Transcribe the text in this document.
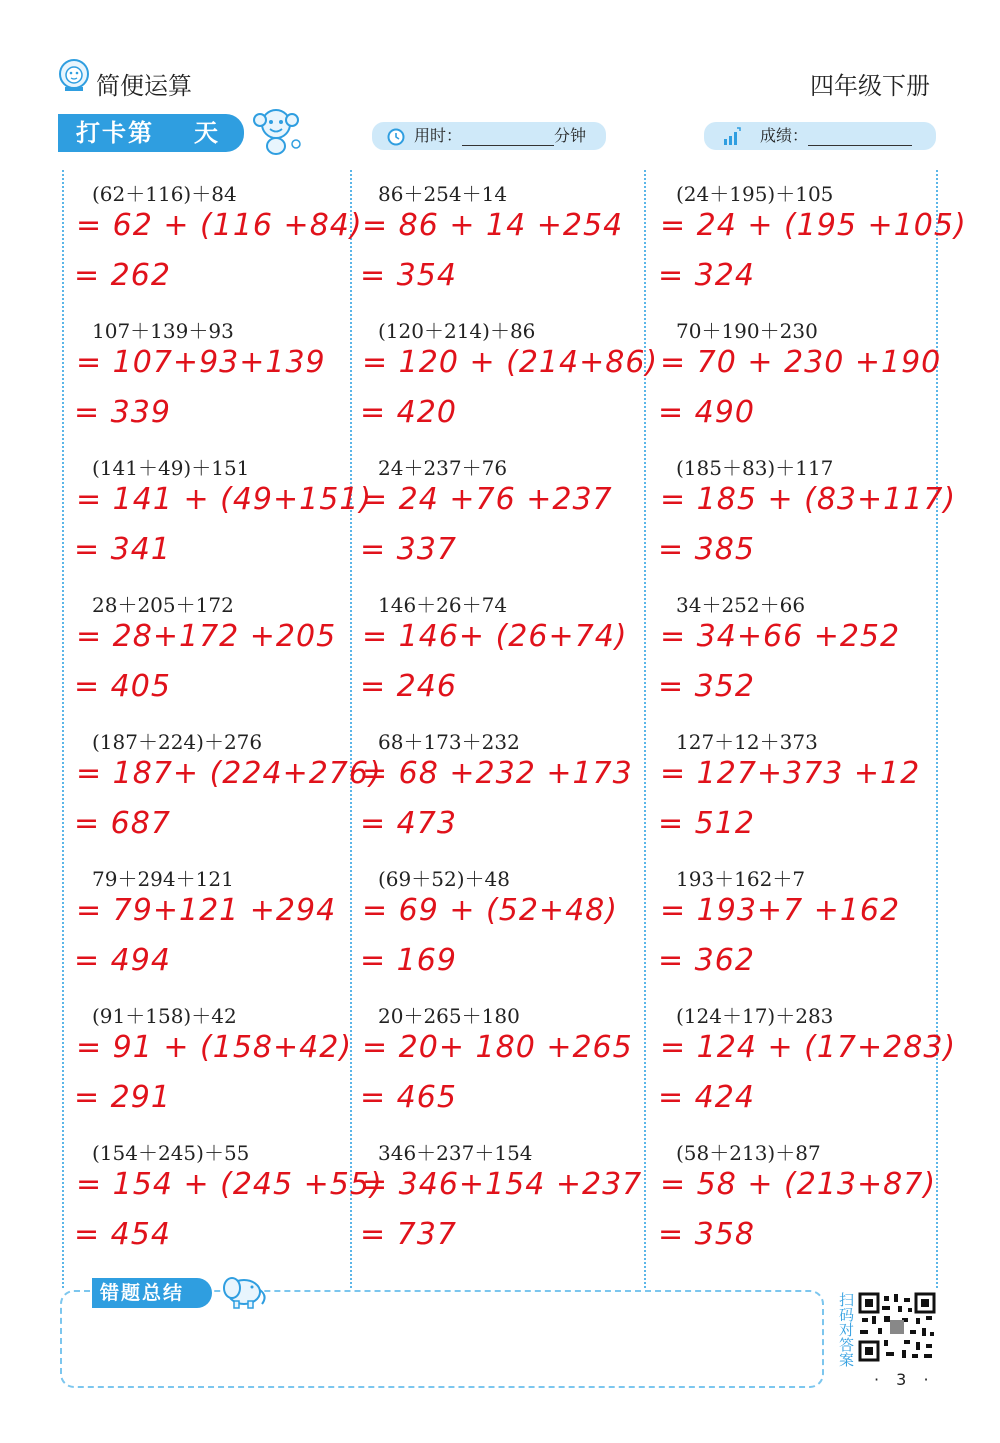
简便运算	四年级下册
打卡第 天	用时：	分钟	成绩：
(62＋116)＋84
= 62 + (116 +84)
= 262
107＋139＋93
= 107+93+139
= 339
(141＋49)＋151
= 141 + (49+151)
= 341
28＋205＋172
= 28+172 +205
= 405
(187＋224)＋276
= 187+ (224+276)
= 687
79＋294＋121
= 79+121 +294
= 494
(91＋158)＋42
= 91 + (158+42)
= 291
(154＋245)＋55
= 154 + (245 +55)
= 454
86＋254＋14
= 86 + 14 +254
= 354
(120＋214)＋86
= 120 + (214+86)
= 420
24＋237＋76
= 24 +76 +237
= 337
146＋26＋74
= 146+ (26+74)
= 246
68＋173＋232
= 68 +232 +173
= 473
(69＋52)＋48
= 69 + (52+48)
= 169
20＋265＋180
= 20+ 180 +265
= 465
346＋237＋154
= 346+154 +237
= 737
(24＋195)＋105
= 24 + (195 +105)
= 324
70＋190＋230
= 70 + 230 +190
= 490
(185＋83)＋117
= 185 + (83+117)
= 385
34＋252＋66
= 34+66 +252
= 352
127＋12＋373
= 127+373 +12
= 512
193＋162＋7
= 193+7 +162
= 362
(124＋17)＋283
= 124 + (17+283)
= 424
(58＋213)＋87
= 58 + (213+87)
= 358
错题总结	扫码对答案
· 3 ·
